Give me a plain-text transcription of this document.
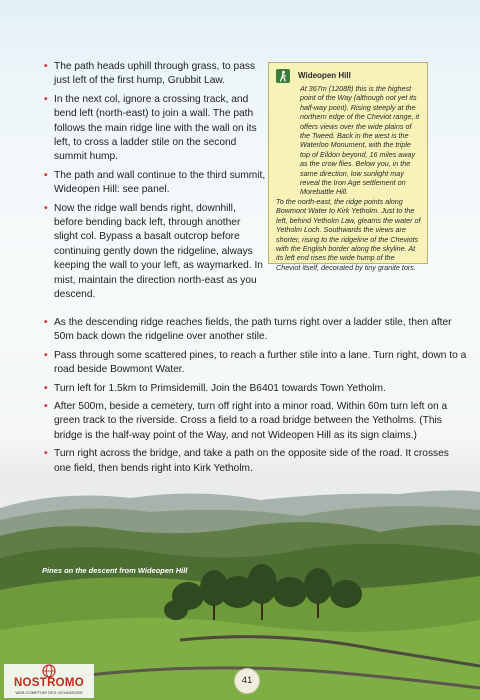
• The path heads uphill through grass, to pass just left of the first hump, Grubbit Law.
• In the next col, ignore a crossing track, and bend left (north-east) to join a wall. The path follows the main ridge line with the wall on its left, to cross a ladder stile on the second summit hump.
• The path and wall continue to the third summit, Wideopen Hill: see panel.
• Now the ridge wall bends right, downhill, before bending back left, through another slight col. Bypass a basalt outcrop before continuing gently down the ridgeline, always keeping the wall to your left, as waymarked. In mist, maintain the direction north-east as you descend.
Wideopen Hill

At 367m (1208ft) this is the highest point of the Way (although not yet its half-way point). Rising steeply at the northern edge of the Cheviot range, it offers views over the wide plains of the Tweed. Back in the west is the Waterloo Monument, with the triple top of Eildon beyond, 16 miles away as the crow flies. Below you, in the same direction, low sunlight may reveal the Iron Age settlement on Morebattle Hill.

To the north-east, the ridge points along Bowmont Water to Kirk Yetholm. Just to the left, behind Yetholm Law, gleams the water of Yetholm Loch. Southwards the views are shorter, rising to the ridgeline of the Cheviots with the English border along the skyline. At its left end rises the wide hump of the Cheviot itself, decorated by tiny granite tors.

• As the descending ridge reaches fields, the path turns right over a ladder stile, then after 50m back down the ridgeline over another stile.
• Pass through some scattered pines, to reach a further stile into a lane. Turn right, down to a road beside Bowmont Water.
• Turn left for 1.5km to Primsidemill. Join the B6401 towards Town Yetholm.
• After 500m, beside a cemetery, turn off right into a minor road. Within 60m turn left on a green track to the riverside. Cross a field to a road bridge between the Yetholms. (This bridge is the half-way point of the Way, and not Wideopen Hill as its sign claims.)
• Turn right across the bridge, and take a path on the opposite side of the road. It crosses one field, then bends right into Kirk Yetholm.
Pines on the descent from Wideopen Hill
41
NOSTROMO
WEB COMPTOIR DES VOYAGEURS
